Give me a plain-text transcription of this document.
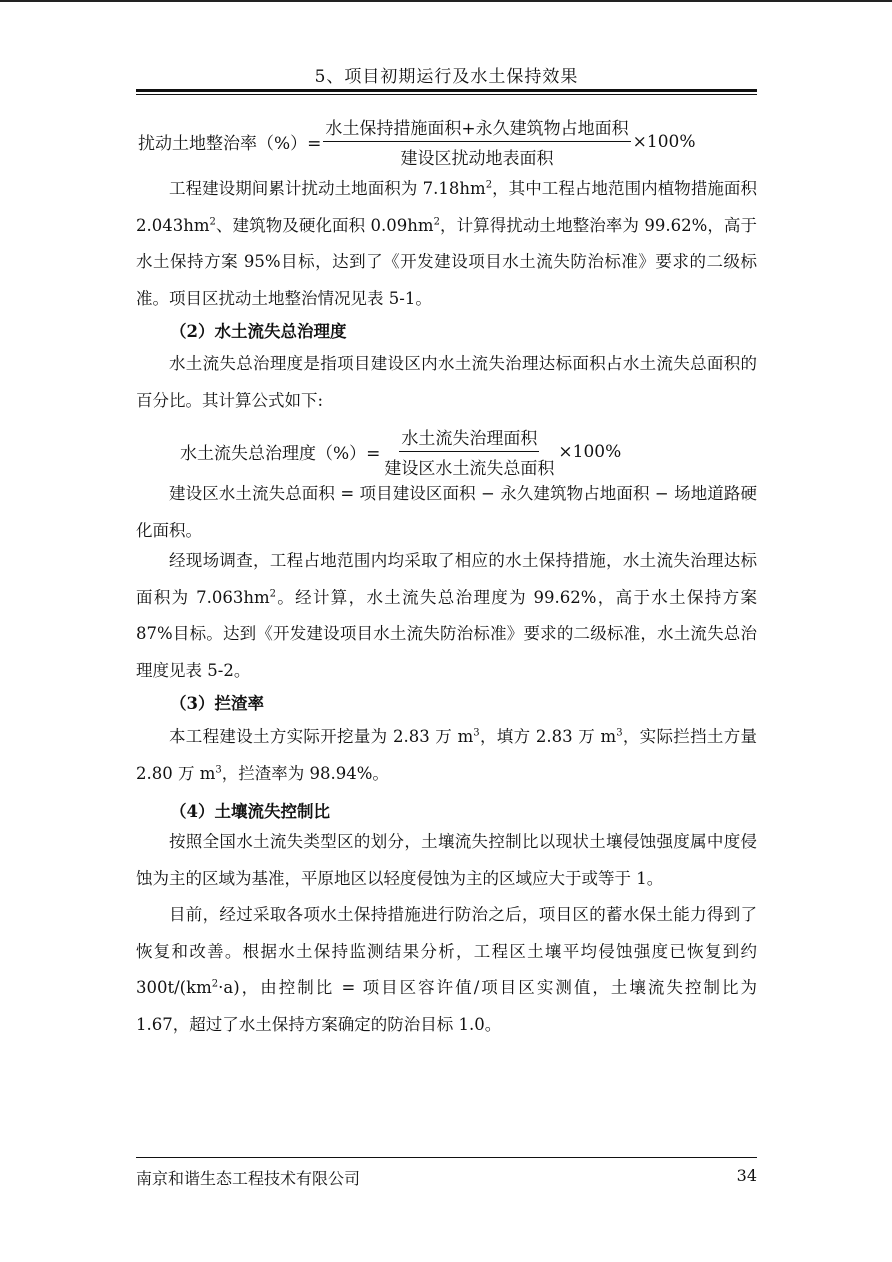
5、项目初期运行及水土保持效果
扰动土地整治率（%）= $\frac{\text{水土保持措施面积+永久建筑物占地面积}}{\text{建设区扰动地表面积}} \times 100\%$

工程建设期间累计扰动土地面积为 $7.18hm^2$，其中工程占地范围内植物措施面积 $2.043hm^2$、建筑物及硬化面积 $0.09hm^2$，计算得扰动土地整治率为 99.62%，高于水土保持方案 95%目标，达到了《开发建设项目水土流失防治标准》要求的二级标准。项目区扰动土地整治情况见表 5-1。

（2）水土流失总治理度

水土流失总治理度是指项目建设区内水土流失治理达标面积占水土流失总面积的百分比。其计算公式如下:

水土流失总治理度（%）= $\frac{\text{水土流失治理面积}}{\text{建设区水土流失总面积}} \times 100\%$

建设区水土流失总面积 = 项目建设区面积 − 永久建筑物占地面积 − 场地道路硬化面积。

经现场调查，工程占地范围内均采取了相应的水土保持措施，水土流失治理达标面积为 $7.063hm^2$。经计算，水土流失总治理度为 99.62%，高于水土保持方案 87%目标。达到《开发建设项目水土流失防治标准》要求的二级标准，水土流失总治理度见表 5-2。

（3）拦渣率

本工程建设土方实际开挖量为 2.83 万 $m^3$，填方 2.83 万 $m^3$，实际拦挡土方量 2.80 万 $m^3$，拦渣率为 98.94%。

（4）土壤流失控制比

按照全国水土流失类型区的划分，土壤流失控制比以现状土壤侵蚀强度属中度侵蚀为主的区域为基准，平原地区以轻度侵蚀为主的区域应大于或等于 1。

目前，经过采取各项水土保持措施进行防治之后，项目区的蓄水保土能力得到了恢复和改善。根据水土保持监测结果分析，工程区土壤平均侵蚀强度已恢复到约 $300t/(km^2\cdot a)$，由控制比 = 项目区容许值/项目区实测值，土壤流失控制比为 1.67，超过了水土保持方案确定的防治目标 1.0。

南京和谐生态工程技术有限公司	34
